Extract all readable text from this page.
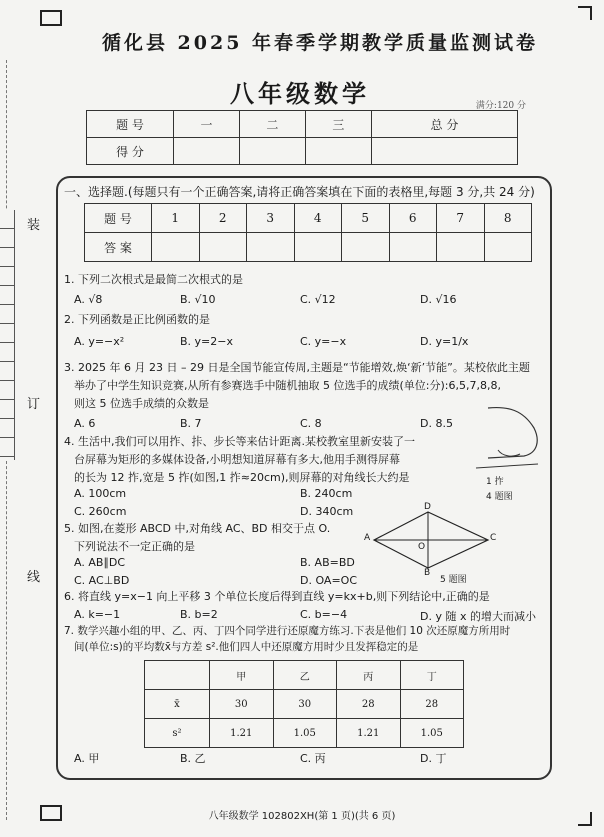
装
订
线
循化县 2025 年春季学期教学质量监测试卷
八年级数学	满分:120 分
题 号	一	二	三	总 分
得 分				
一、选择题.(每题只有一个正确答案,请将正确答案填在下面的表格里,每题 3 分,共 24 分)
题 号	1	2	3	4	5	6	7	8
答 案								
1. 下列二次根式是最简二次根式的是
A. √8	B. √10	C. √12	D. √16
2. 下列函数是正比例函数的是
A. y=−x²	B. y=2−x	C. y=−x	D. y=1/x
3. 2025 年 6 月 23 日 – 29 日是全国节能宣传周,主题是“节能增效,焕‘新’节能”。某校依此主题
举办了中学生知识竞赛,从所有参赛选手中随机抽取 5 位选手的成绩(单位:分):6,5,7,8,8,
则这 5 位选手成绩的众数是
A. 6	B. 7	C. 8	D. 8.5
4. 生活中,我们可以用拃、拤、步长等来估计距离.某校教室里新安装了一
台屏幕为矩形的多媒体设备,小明想知道屏幕有多大,他用手测得屏幕
的长为 12 拃,宽是 5 拃(如图,1 拃≈20cm),则屏幕的对角线长大约是
A. 100cm	B. 240cm
C. 260cm	D. 340cm
1 拃
4 题图
5. 如图,在菱形 ABCD 中,对角线 AC、BD 相交于点 O.
下列说法不一定正确的是
A. AB∥DC	B. AB=BD
C. AC⊥BD	D. OA=OC
A
D
C
B
O
5 题图
6. 将直线 y=x−1 向上平移 3 个单位长度后得到直线 y=kx+b,则下列结论中,正确的是
A. k=−1	B. b=2	C. b=−4	D. y 随 x 的增大而减小
7. 数学兴趣小组的甲、乙、丙、丁四个同学进行还原魔方练习.下表是他们 10 次还原魔方所用时
间(单位:s)的平均数x̄与方差 s².他们四人中还原魔方用时少且发挥稳定的是
	甲	乙	丙	丁
x̄	30	30	28	28
s²	1.21	1.05	1.21	1.05
A. 甲	B. 乙	C. 丙	D. 丁
八年级数学 102802XH(第 1 页)(共 6 页)
